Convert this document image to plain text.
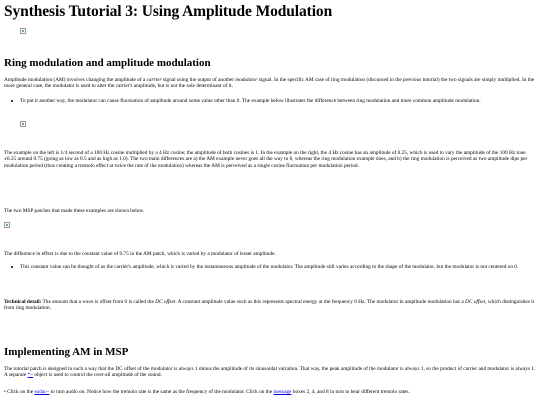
Synthesis Tutorial 3: Using Amplitude Modulation
Ring modulation and amplitude modulation

Amplitude modulation (AM) involves changing the amplitude of a carrier signal using the output of another modulator signal. In the specific AM case of ring modulation (discussed in the previous tutorial) the two signals are simply multiplied. In the more general case, the modulator is used to alter the carrier's amplitude, but is not the sole determinant of it.

To put it another way, the modulator can cause fluctuation of amplitude around some value other than 0. The example below illustrates the difference between ring modulation and more common amplitude modulation.

The example on the left is 1/4 second of a 100 Hz cosine multiplied by a 4 Hz cosine; the amplitude of both cosines is 1. In the example on the right, the 4 Hz cosine has an amplitude of 0.25, which is used to vary the amplitude of the 100 Hz tone ±0.25 around 0.75 (going as low as 0.5 and as high as 1.0). The two main differences are a) the AM example never goes all the way to 0, whereas the ring modulation example does, and b) the ring modulation is perceived as two amplitude dips per modulation period (thus creating a tremolo effect at twice the rate of the modulation) whereas the AM is perceived as a single cosine fluctuation per modulation period.

The two MSP patches that made these examples are shown below.

The difference in effect is due to the constant value of 0.75 in the AM patch, which is varied by a modulator of lesser amplitude.

This constant value can be thought of as the carrier's amplitude, which is varied by the instantaneous amplitude of the modulator. The amplitude still varies according to the shape of the modulator, but the modulator is not centered on 0.

Technical detail: The amount that a wave is offset from 0 is called the DC offset. A constant amplitude value such as this represents spectral energy at the frequency 0 Hz. The modulator in amplitude modulation has a DC offset, which distinguishes it from ring modulation.

Implementing AM in MSP

The tutorial patch is designed in such a way that the DC offset of the modulator is always 1 minus the amplitude of its sinusoidal variation. That way, the peak amplitude of the modulator is always 1, so the product of carrier and modulator is always 1. A separate *~ object is used to control the over-all amplitude of the sound.

• Click on the ezdac~ to turn audio on. Notice how the tremolo rate is the same as the frequency of the modulator. Click on the message boxes 2, 4, and 8 in turn to hear different tremolo rates.
